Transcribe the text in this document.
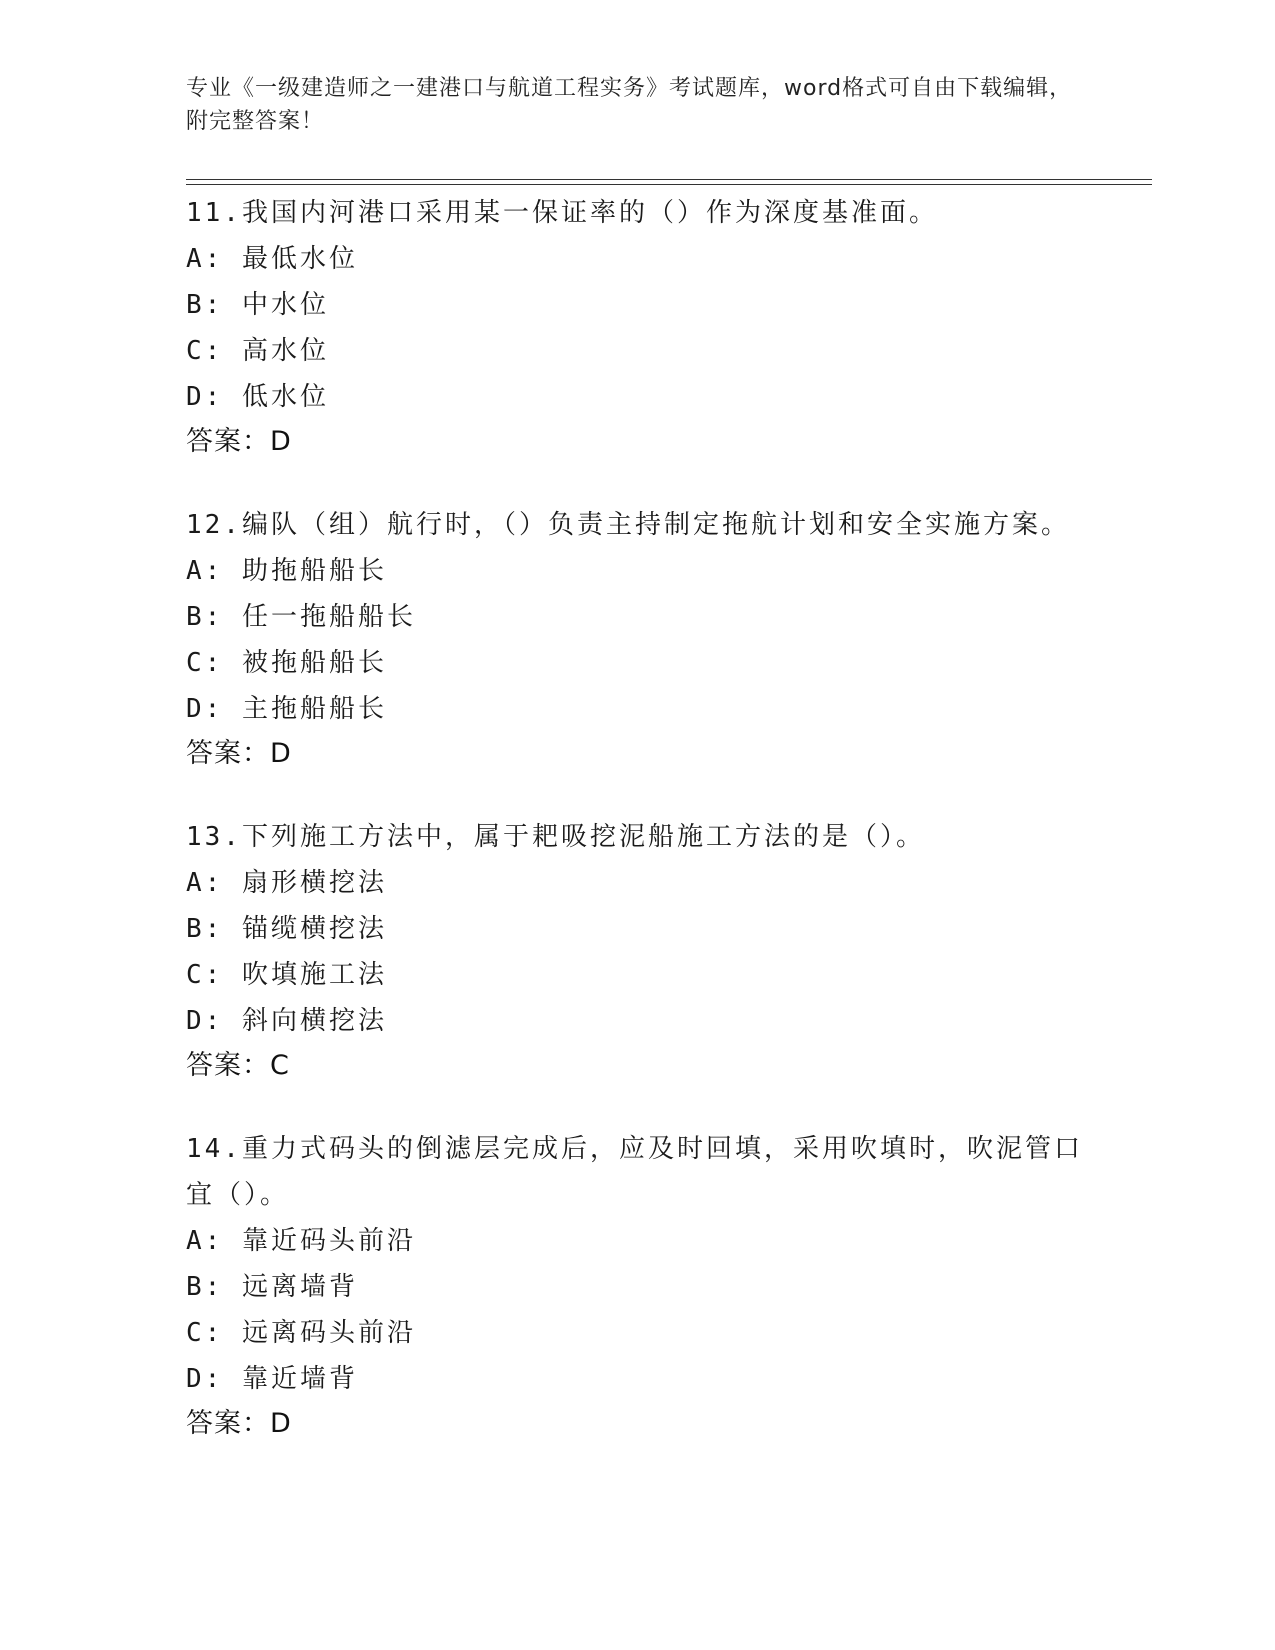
专业《一级建造师之一建港口与航道工程实务》考试题库，word格式可自由下载编辑，附完整答案！

11.我国内河港口采用某一保证率的（）作为深度基准面。

A: 最低水位

B: 中水位

C: 高水位

D: 低水位

答案：D

12.编队（组）航行时，（）负责主持制定拖航计划和安全实施方案。

A: 助拖船船长

B: 任一拖船船长

C: 被拖船船长

D: 主拖船船长

答案：D

13.下列施工方法中，属于耙吸挖泥船施工方法的是（）。

A: 扇形横挖法

B: 锚缆横挖法

C: 吹填施工法

D: 斜向横挖法

答案：C

14.重力式码头的倒滤层完成后，应及时回填，采用吹填时，吹泥管口宜（）。

A: 靠近码头前沿

B: 远离墙背

C: 远离码头前沿

D: 靠近墙背

答案：D
